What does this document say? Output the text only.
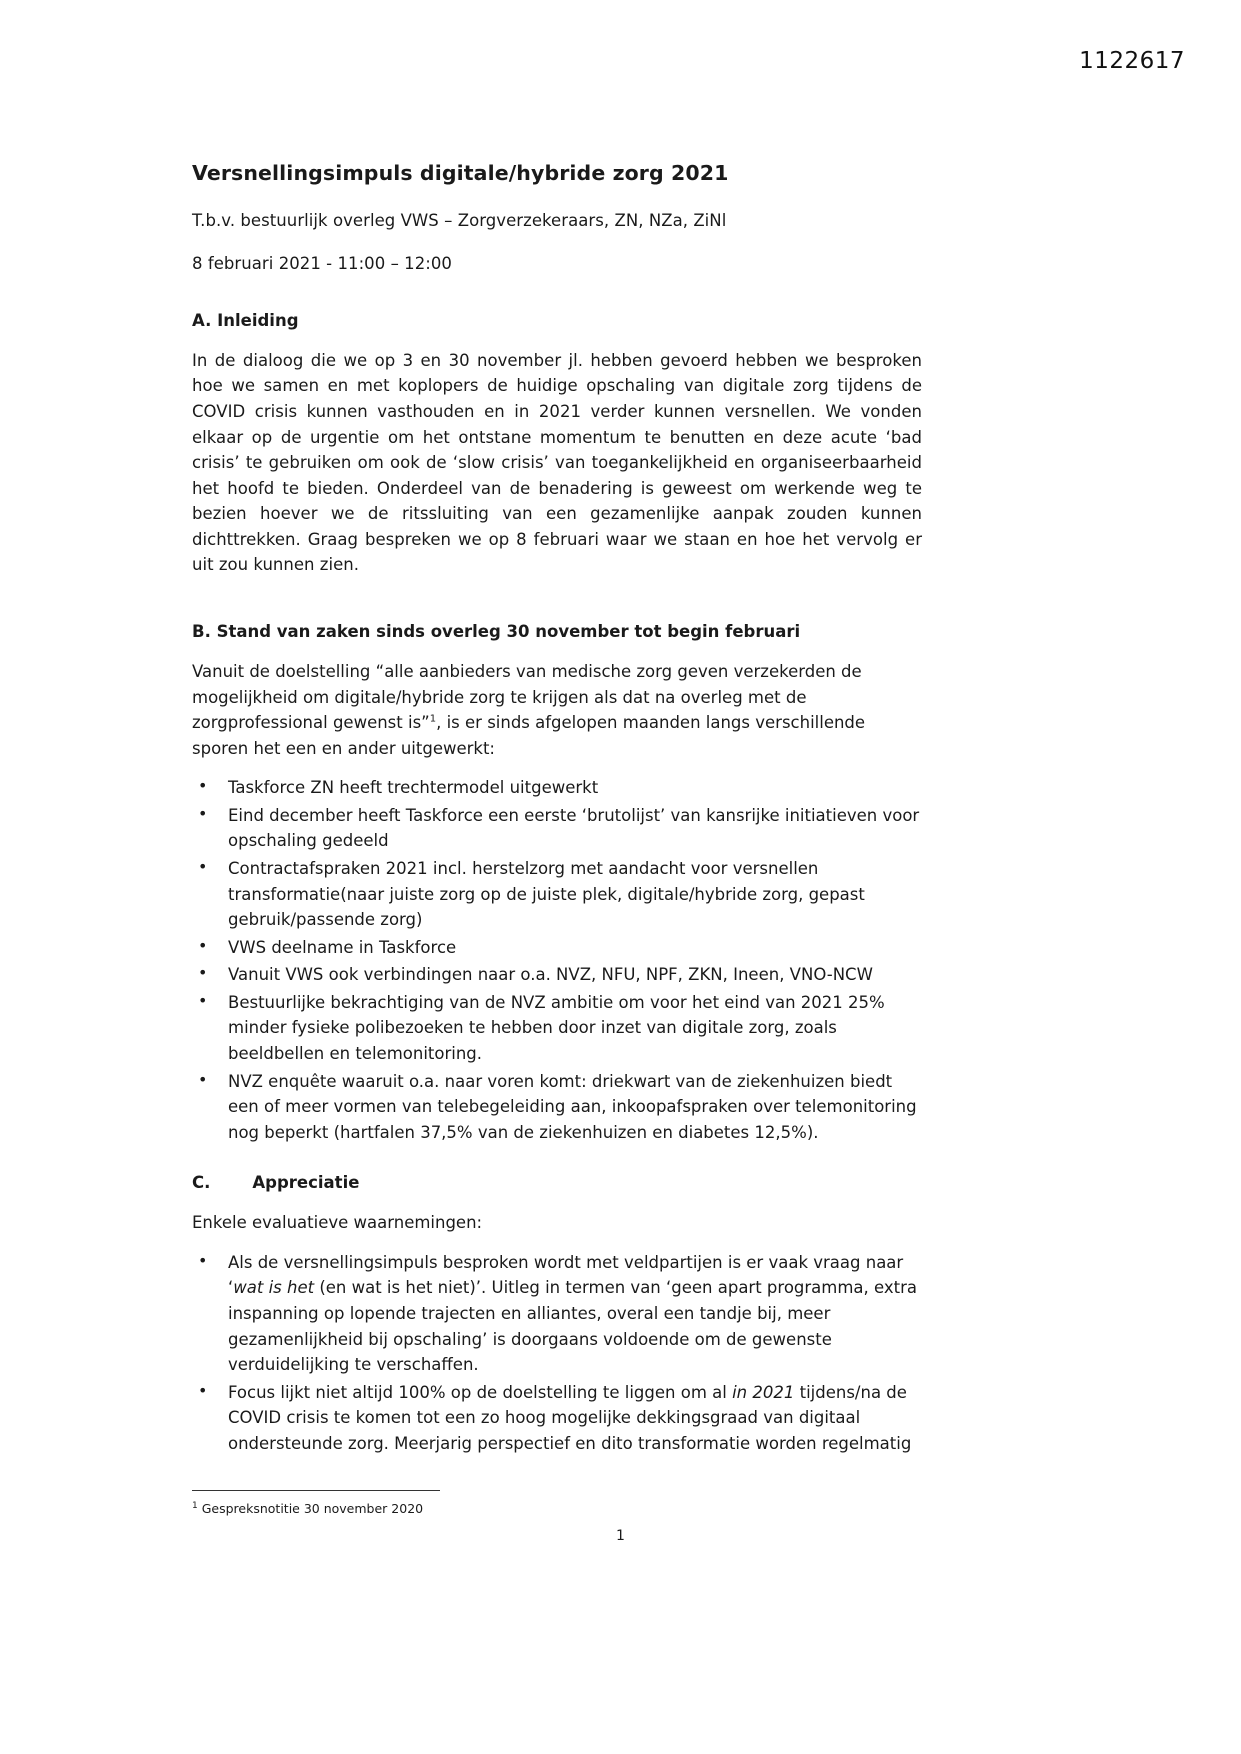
1122617
Versnellingsimpuls digitale/hybride zorg 2021

T.b.v. bestuurlijk overleg VWS – Zorgverzekeraars, ZN, NZa, ZiNl

8 februari 2021 - 11:00 – 12:00

A. Inleiding

In de dialoog die we op 3 en 30 november jl. hebben gevoerd hebben we besproken hoe we samen en met koplopers de huidige opschaling van digitale zorg tijdens de COVID crisis kunnen vasthouden en in 2021 verder kunnen versnellen. We vonden elkaar op de urgentie om het ontstane momentum te benutten en deze acute ‘bad crisis’ te gebruiken om ook de ‘slow crisis’ van toegankelijkheid en organiseerbaarheid het hoofd te bieden. Onderdeel van de benadering is geweest om werkende weg te bezien hoever we de ritssluiting van een gezamenlijke aanpak zouden kunnen dichttrekken. Graag bespreken we op 8 februari waar we staan en hoe het vervolg er uit zou kunnen zien.

B. Stand van zaken sinds overleg 30 november tot begin februari

Vanuit de doelstelling “alle aanbieders van medische zorg geven verzekerden de mogelijkheid om digitale/hybride zorg te krijgen als dat na overleg met de zorgprofessional gewenst is”$^1$, is er sinds afgelopen maanden langs verschillende sporen het een en ander uitgewerkt:

• Taskforce ZN heeft trechtermodel uitgewerkt
• Eind december heeft Taskforce een eerste ‘brutolijst’ van kansrijke initiatieven voor opschaling gedeeld
• Contractafspraken 2021 incl. herstelzorg met aandacht voor versnellen transformatie(naar juiste zorg op de juiste plek, digitale/hybride zorg, gepast gebruik/passende zorg)
• VWS deelname in Taskforce
• Vanuit VWS ook verbindingen naar o.a. NVZ, NFU, NPF, ZKN, Ineen, VNO-NCW
• Bestuurlijke bekrachtiging van de NVZ ambitie om voor het eind van 2021 25% minder fysieke polibezoeken te hebben door inzet van digitale zorg, zoals beeldbellen en telemonitoring.
• NVZ enquête waaruit o.a. naar voren komt: driekwart van de ziekenhuizen biedt een of meer vormen van telebegeleiding aan, inkoopafspraken over telemonitoring nog beperkt (hartfalen 37,5% van de ziekenhuizen en diabetes 12,5%).
C.	Appreciatie

Enkele evaluatieve waarnemingen:

• Als de versnellingsimpuls besproken wordt met veldpartijen is er vaak vraag naar ‘wat is het (en wat is het niet)’. Uitleg in termen van ‘geen apart programma, extra inspanning op lopende trajecten en alliantes, overal een tandje bij, meer gezamenlijkheid bij opschaling’ is doorgaans voldoende om de gewenste verduidelijking te verschaffen.
• Focus lijkt niet altijd 100% op de doelstelling te liggen om al in 2021 tijdens/na de COVID crisis te komen tot een zo hoog mogelijke dekkingsgraad van digitaal ondersteunde zorg. Meerjarig perspectief en dito transformatie worden regelmatig
$^1$ Gespreksnotitie 30 november 2020
1
